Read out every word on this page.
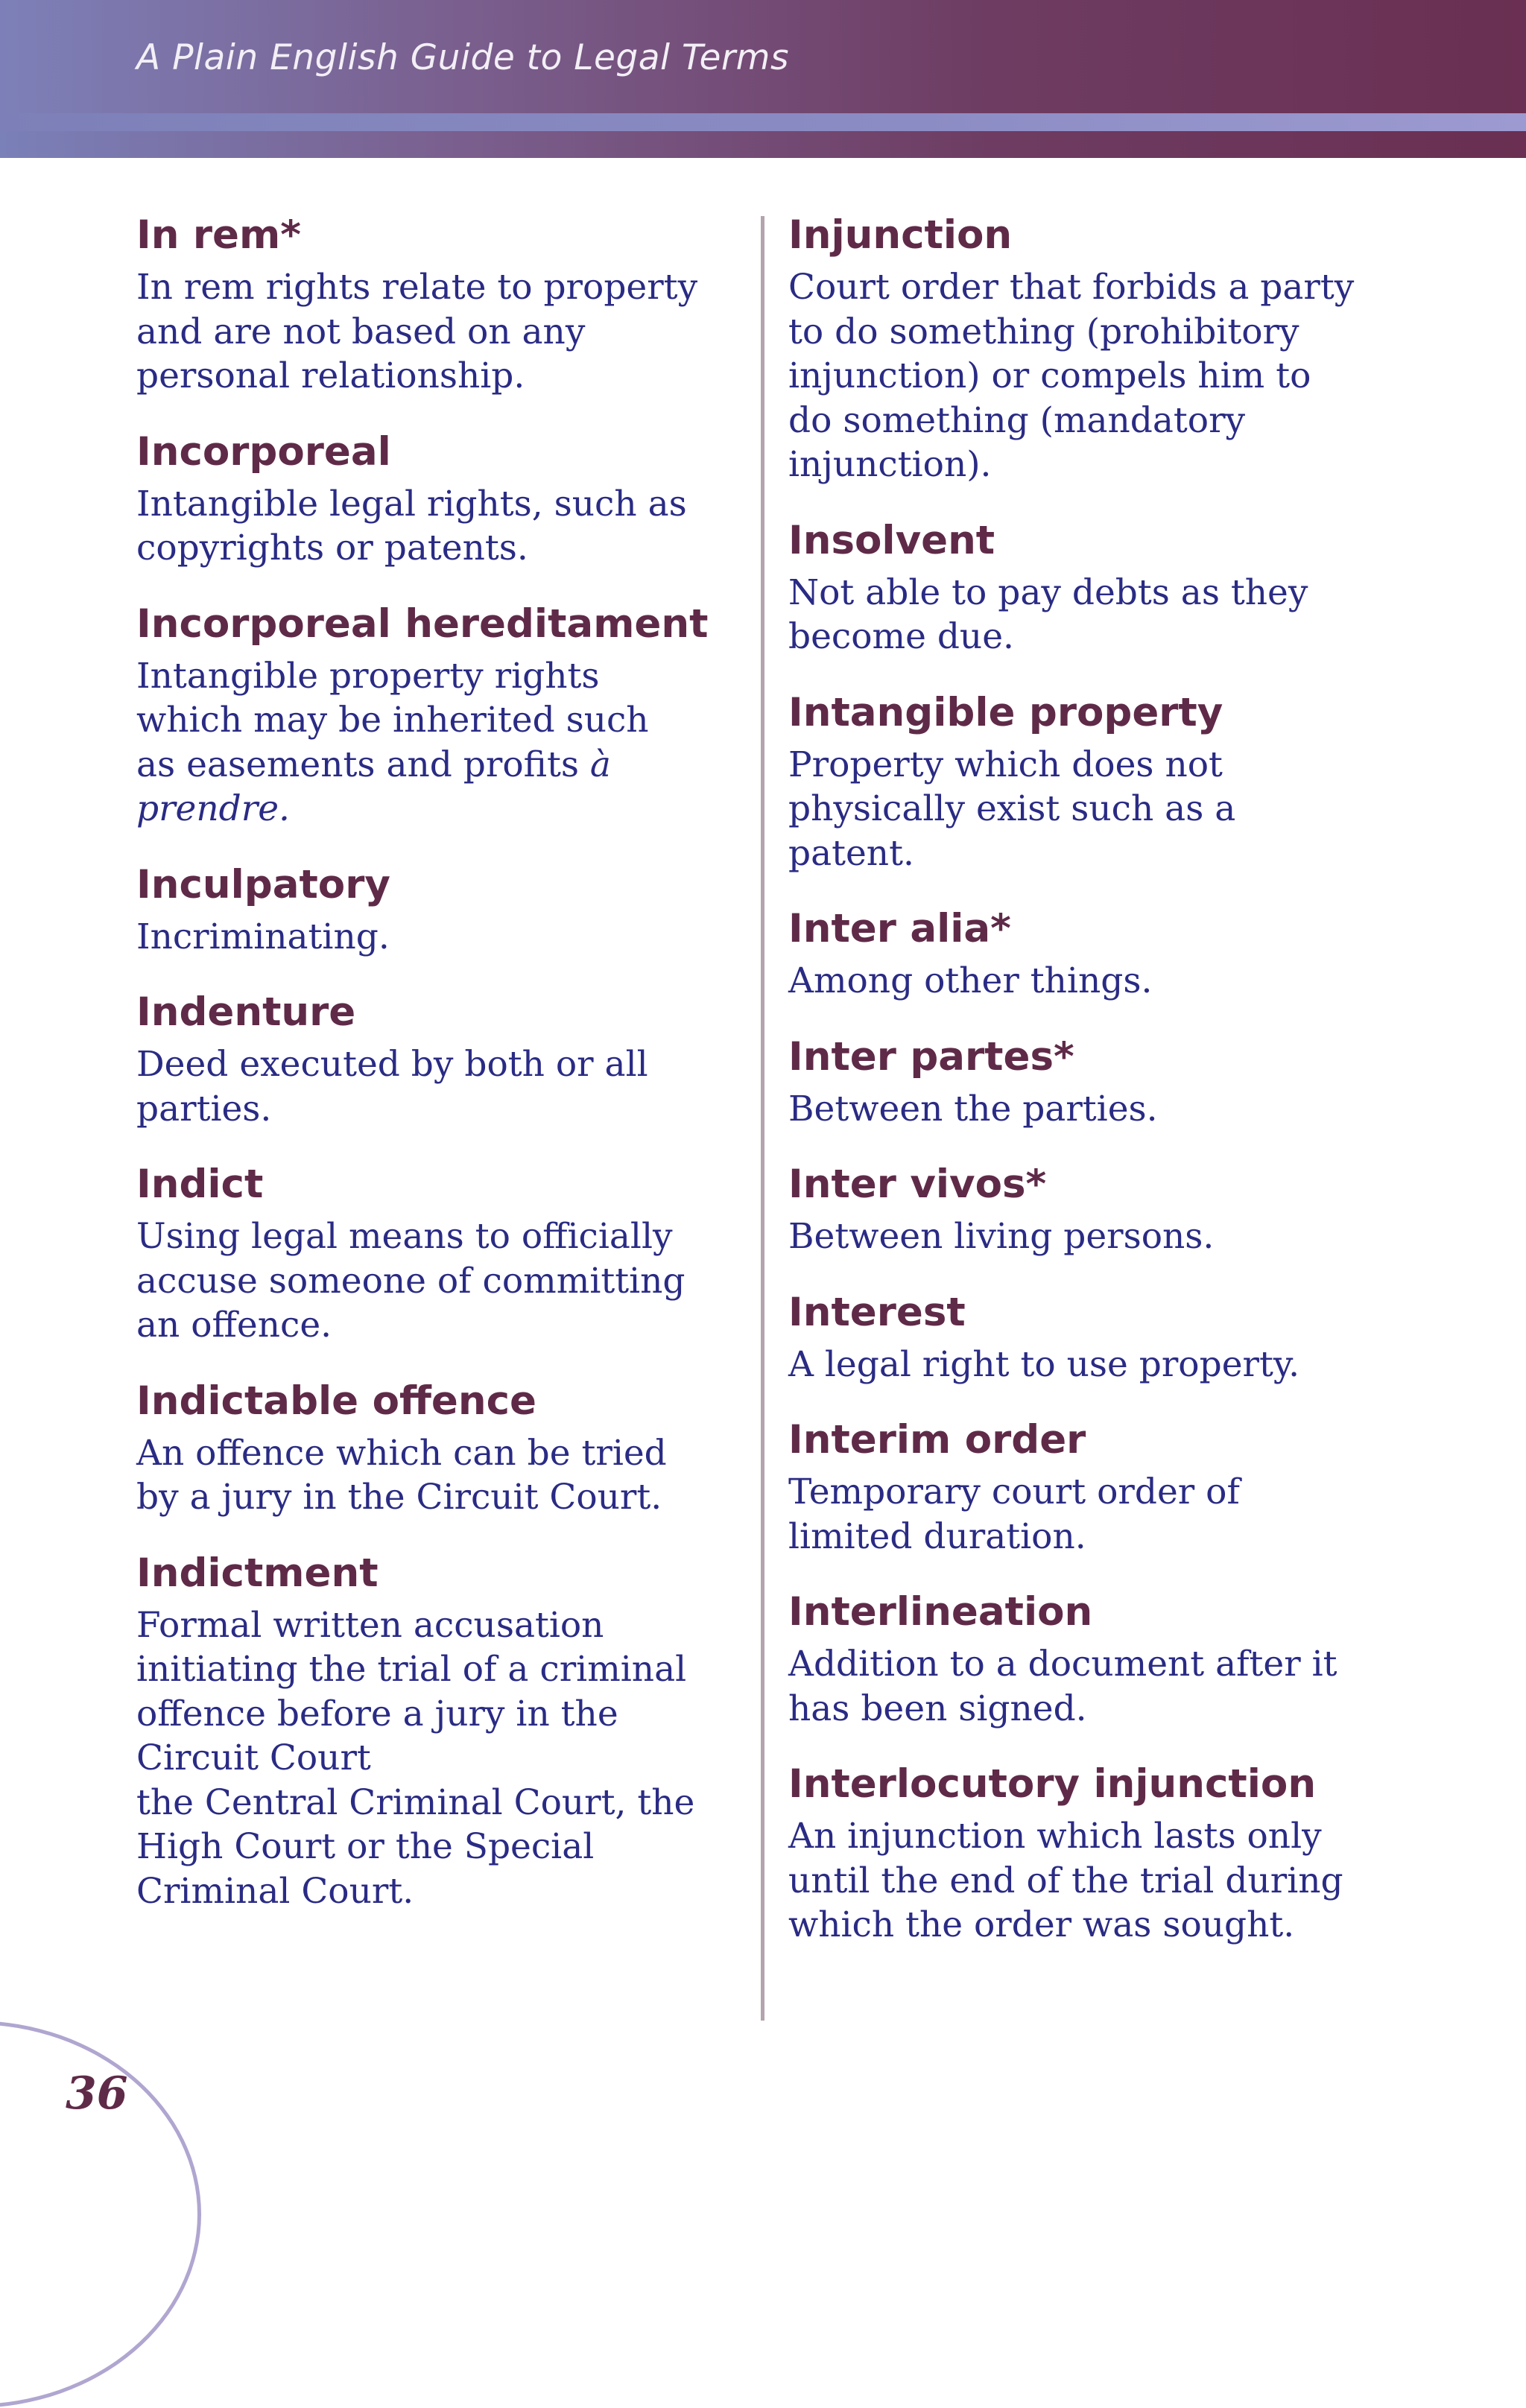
A Plain English Guide to Legal Terms
In rem*
In rem rights relate to property
and are not based on any
personal relationship.
Incorporeal
Intangible legal rights, such as
copyrights or patents.
Incorporeal hereditament
Intangible property rights
which may be inherited such
as easements and profits à
prendre.
Inculpatory
Incriminating.
Indenture
Deed executed by both or all
parties.
Indict
Using legal means to officially
accuse someone of committing
an offence.
Indictable offence
An offence which can be tried
by a jury in the Circuit Court.
Indictment
Formal written accusation
initiating the trial of a criminal
offence before a jury in the
Circuit Court
the Central Criminal Court, the
High Court or the Special
Criminal Court.
Injunction
Court order that forbids a party
to do something (prohibitory
injunction) or compels him to
do something (mandatory
injunction).
Insolvent
Not able to pay debts as they
become due.
Intangible property
Property which does not
physically exist such as a
patent.
Inter alia*
Among other things.
Inter partes*
Between the parties.
Inter vivos*
Between living persons.
Interest
A legal right to use property.
Interim order
Temporary court order of
limited duration.
Interlineation
Addition to a document after it
has been signed.
Interlocutory injunction
An injunction which lasts only
until the end of the trial during
which the order was sought.
36
